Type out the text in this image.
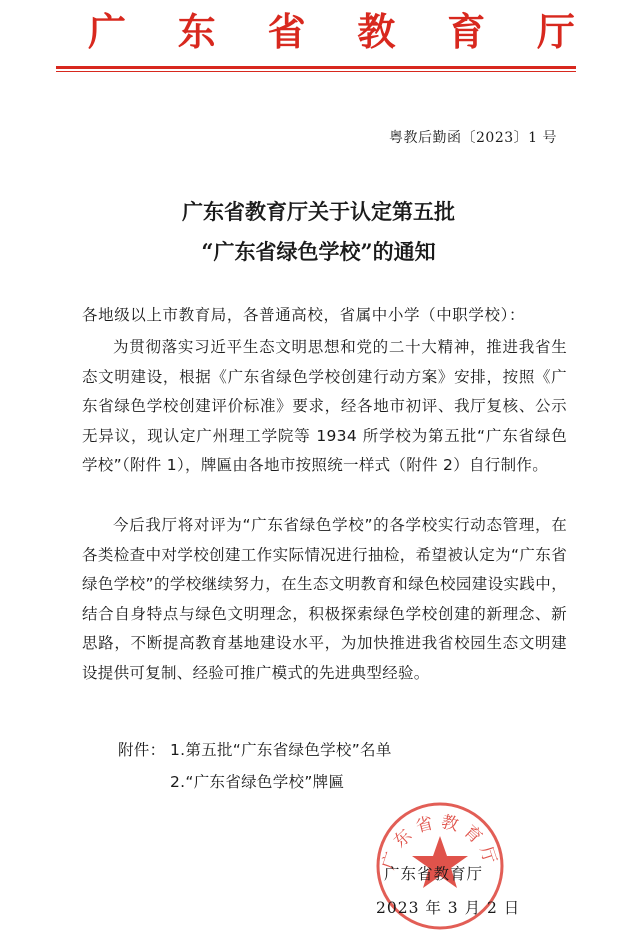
广 东 省 教 育 厅
粤教后勤函〔2023〕1 号
广东省教育厅关于认定第五批
“广东省绿色学校”的通知
各地级以上市教育局，各普通高校，省属中小学（中职学校）：
为贯彻落实习近平生态文明思想和党的二十大精神，推进我省生态文明建设，根据《广东省绿色学校创建行动方案》安排，按照《广东省绿色学校创建评价标准》要求，经各地市初评、我厅复核、公示无异议，现认定广州理工学院等 1934 所学校为第五批“广东省绿色学校”（附件 1），牌匾由各地市按照统一样式（附件 2）自行制作。
今后我厅将对评为“广东省绿色学校”的各学校实行动态管理，在各类检查中对学校创建工作实际情况进行抽检，希望被认定为“广东省绿色学校”的学校继续努力，在生态文明教育和绿色校园建设实践中，结合自身特点与绿色文明理念，积极探索绿色学校创建的新理念、新思路，不断提高教育基地建设水平，为加快推进我省校园生态文明建设提供可复制、经验可推广模式的先进典型经验。
附件： 1.第五批“广东省绿色学校”名单
2.“广东省绿色学校”牌匾
广东省教育厅
广东省教育厅
2023 年 3 月 2 日
